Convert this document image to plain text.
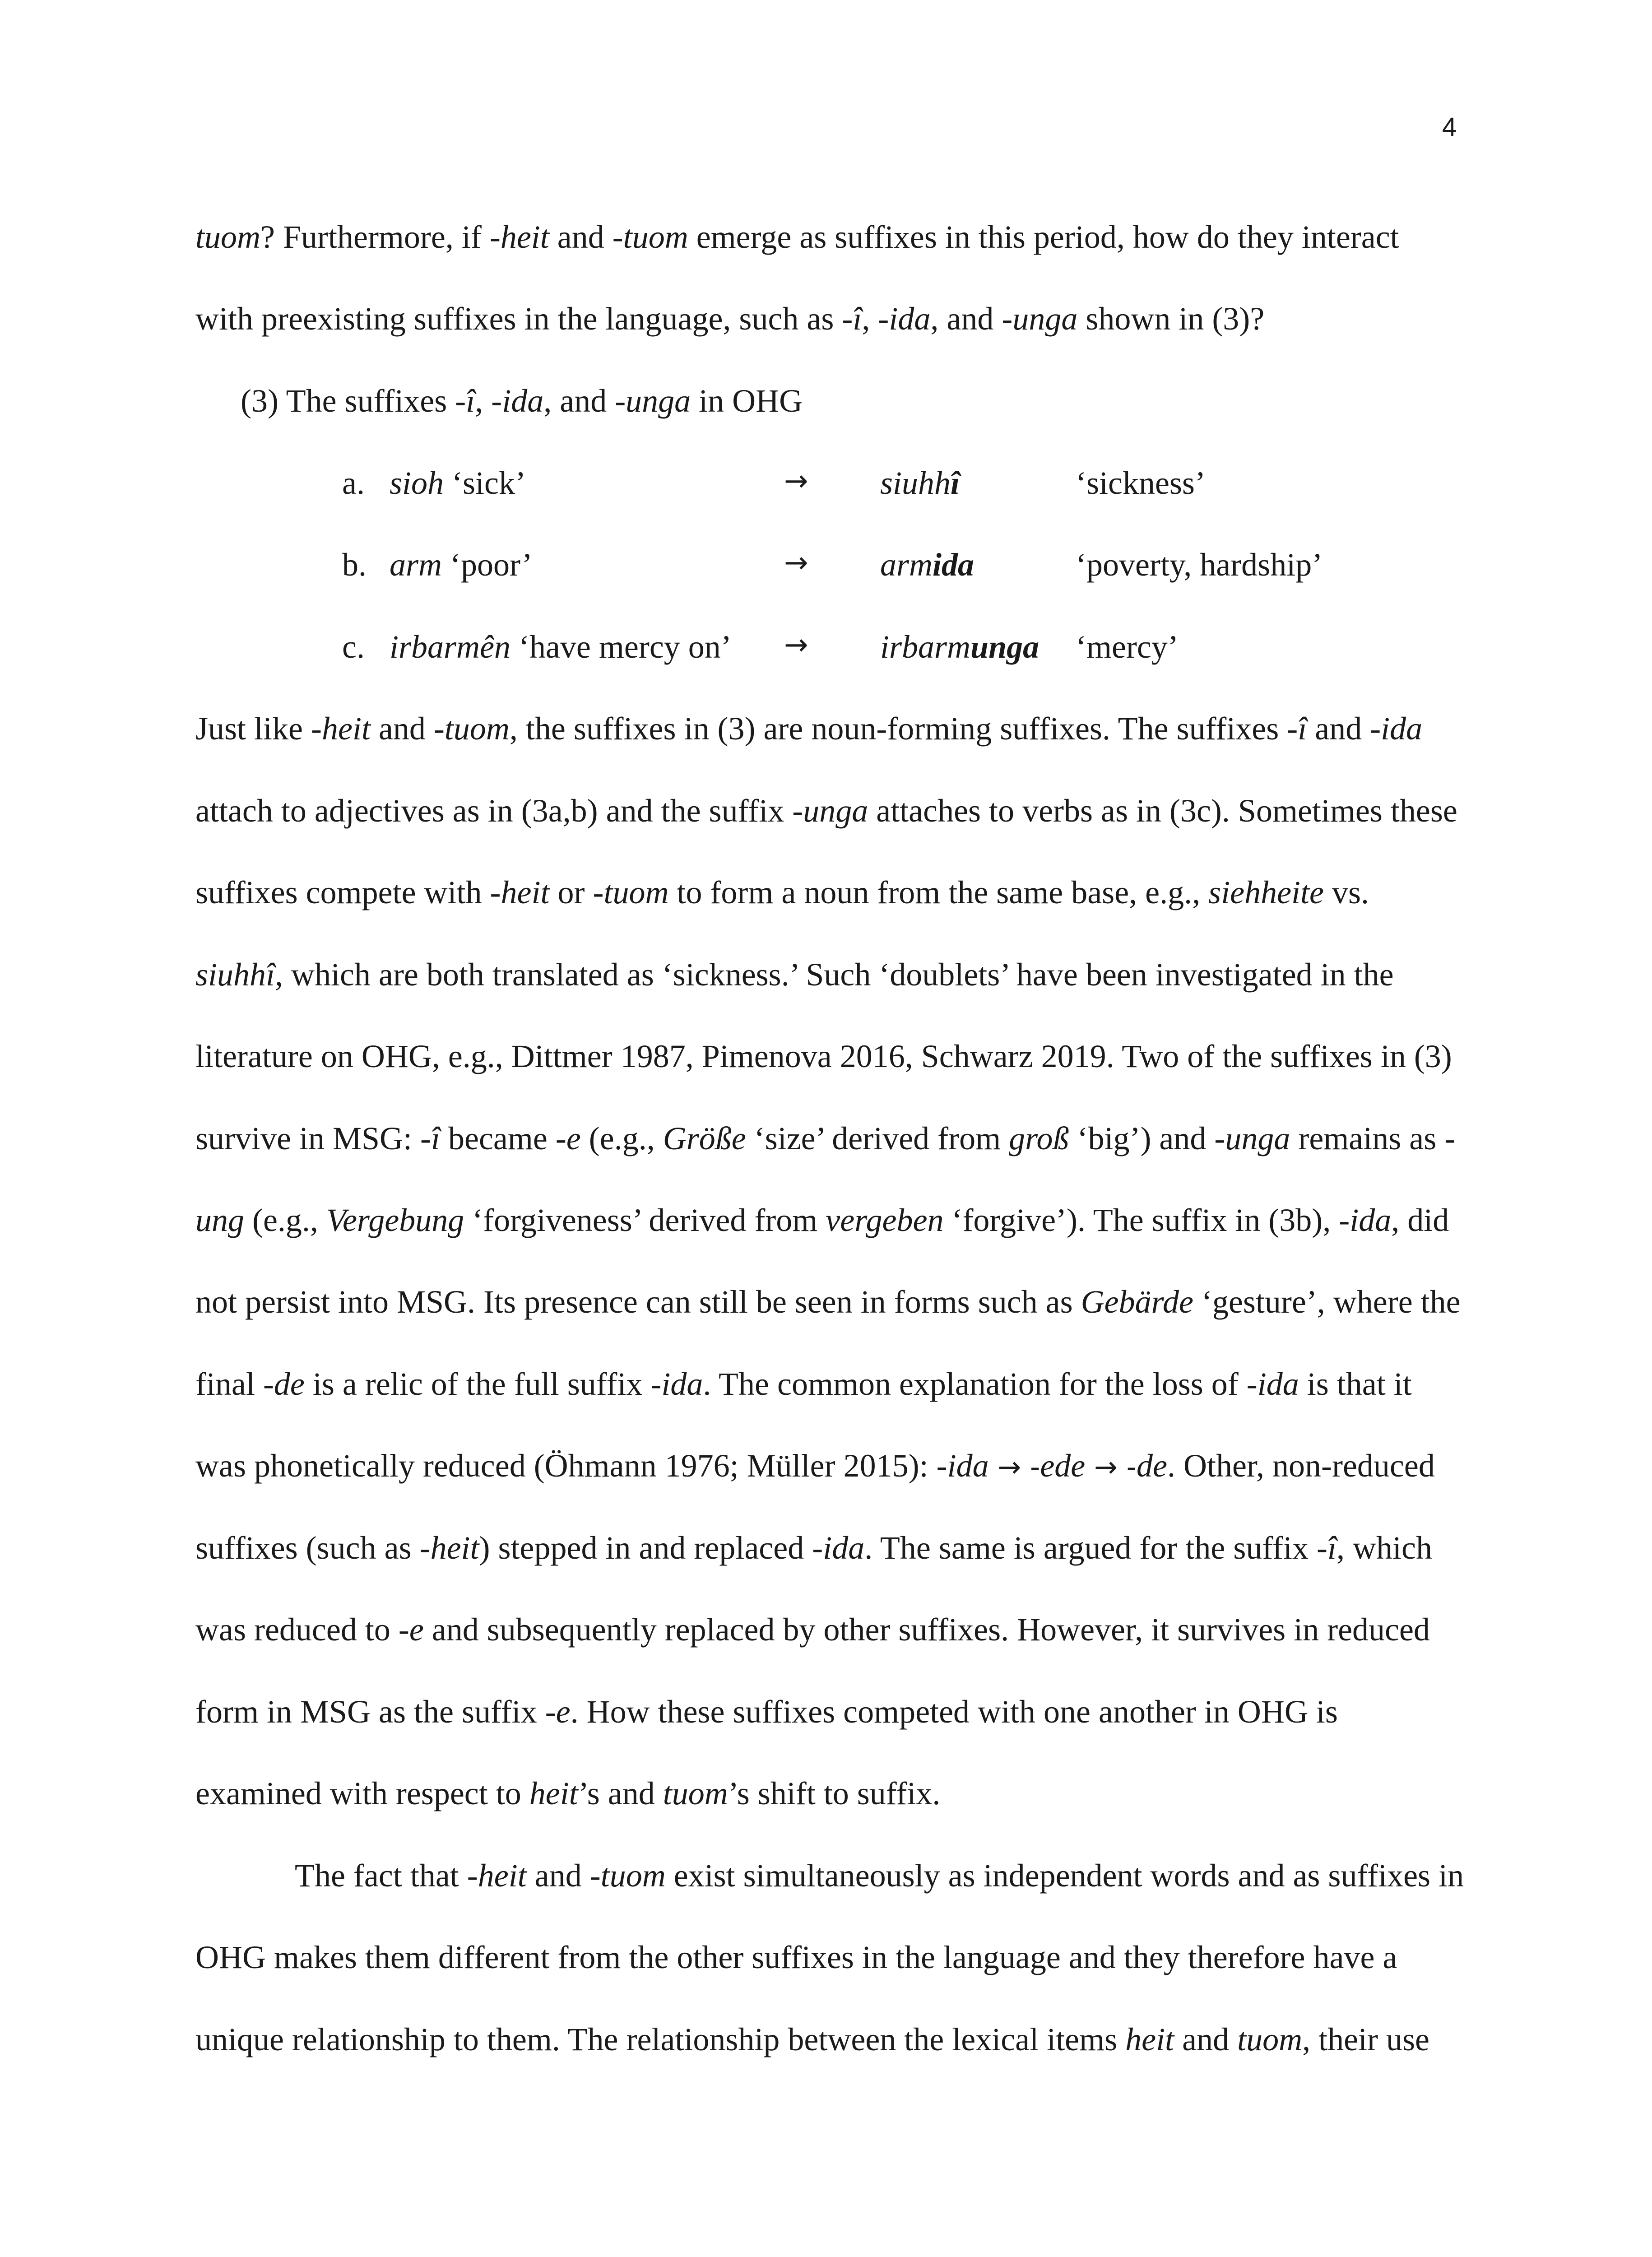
4
tuom? Furthermore, if -heit and -tuom emerge as suffixes in this period, how do they interact
with preexisting suffixes in the language, such as -î, -ida, and -unga shown in (3)?
(3) The suffixes -î, -ida, and -unga in OHG
a. sioh ‘sick’	→ siuhhî	‘sickness’
b. arm ‘poor’	→ armida	‘poverty, hardship’
c. irbarmên ‘have mercy on’ → irbarmunga ‘mercy’
Just like -heit and -tuom, the suffixes in (3) are noun-forming suffixes. The suffixes -î and -ida
attach to adjectives as in (3a,b) and the suffix -unga attaches to verbs as in (3c). Sometimes these
suffixes compete with -heit or -tuom to form a noun from the same base, e.g., siehheite vs.
siuhhî, which are both translated as ‘sickness.’ Such ‘doublets’ have been investigated in the
literature on OHG, e.g., Dittmer 1987, Pimenova 2016, Schwarz 2019. Two of the suffixes in (3)
survive in MSG: -î became -e (e.g., Größe ‘size’ derived from groß ‘big’) and -unga remains as -
ung (e.g., Vergebung ‘forgiveness’ derived from vergeben ‘forgive’). The suffix in (3b), -ida, did
not persist into MSG. Its presence can still be seen in forms such as Gebärde ‘gesture’, where the
final -de is a relic of the full suffix -ida. The common explanation for the loss of -ida is that it
was phonetically reduced (Öhmann 1976; Müller 2015): -ida → -ede → -de. Other, non-reduced
suffixes (such as -heit) stepped in and replaced -ida. The same is argued for the suffix -î, which
was reduced to -e and subsequently replaced by other suffixes. However, it survives in reduced
form in MSG as the suffix -e. How these suffixes competed with one another in OHG is
examined with respect to heit’s and tuom’s shift to suffix.
The fact that -heit and -tuom exist simultaneously as independent words and as suffixes in
OHG makes them different from the other suffixes in the language and they therefore have a
unique relationship to them. The relationship between the lexical items heit and tuom, their use
